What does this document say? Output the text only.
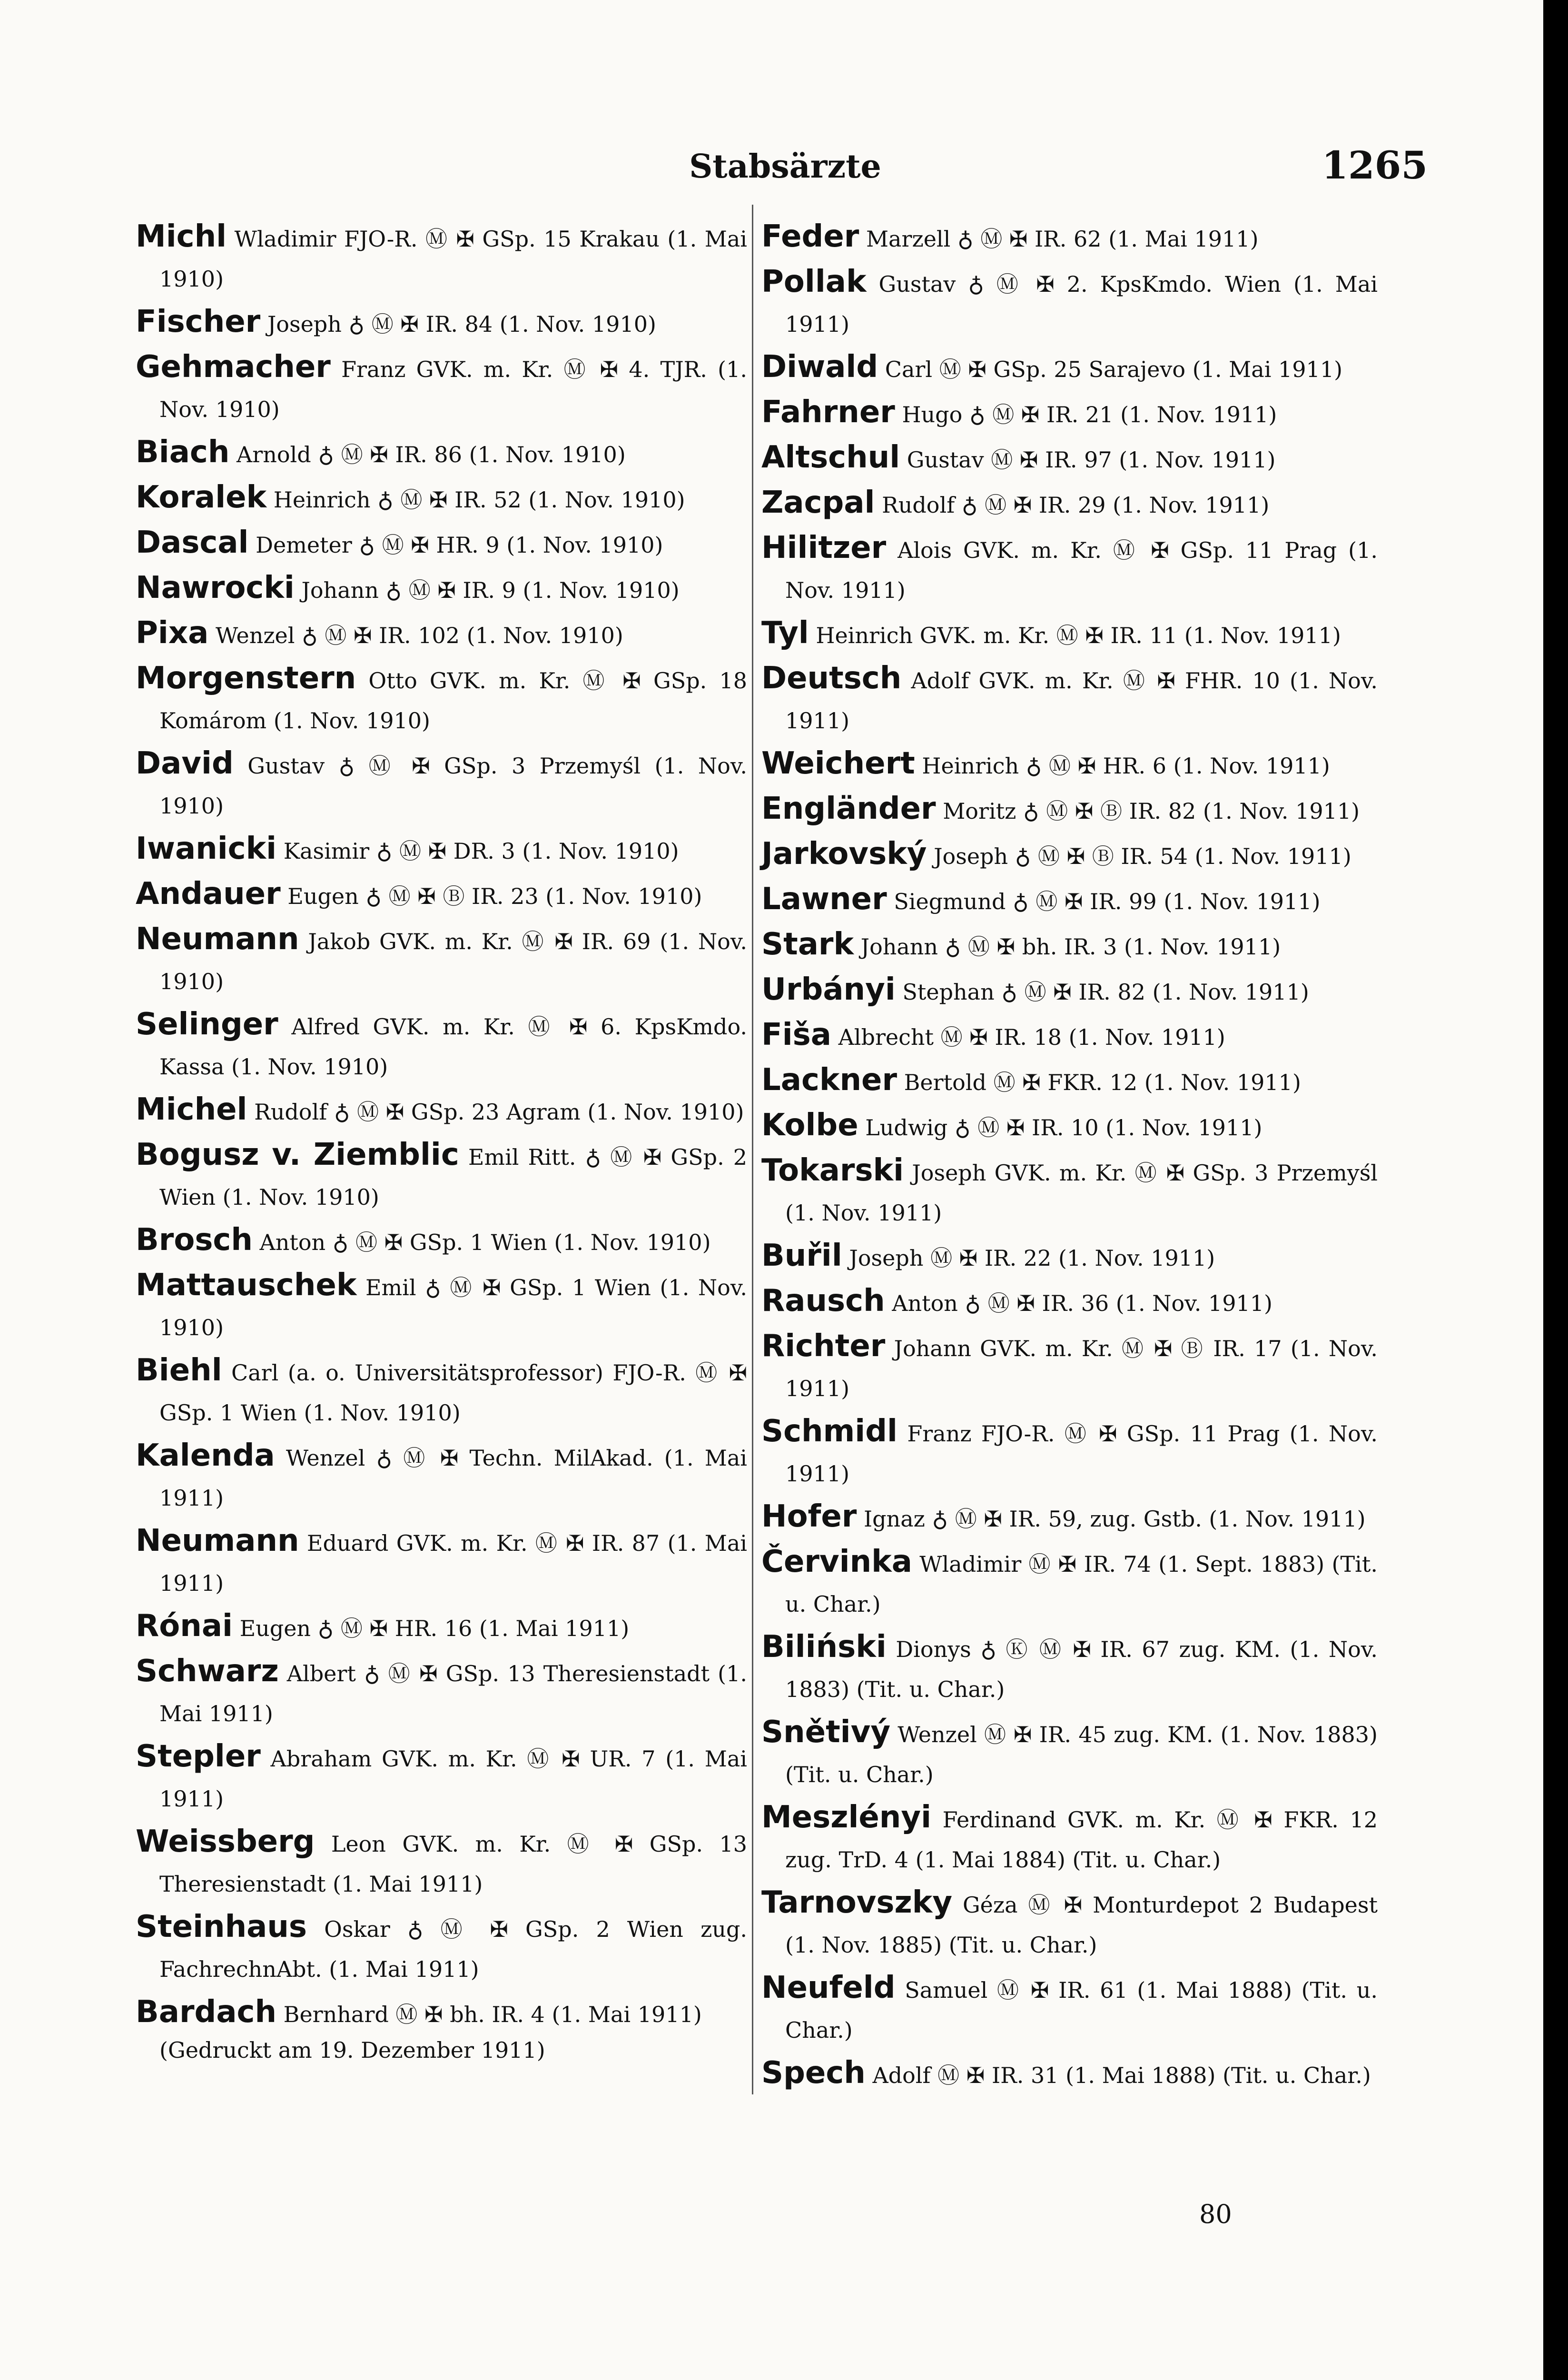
Stabsärzte	1265

Michl Wladimir FJO-R. Ⓜ ✠ GSp. 15 Krakau (1. Mai 1910)

Fischer Joseph ♁ Ⓜ ✠ IR. 84 (1. Nov. 1910)

Gehmacher Franz GVK. m. Kr. Ⓜ ✠ 4. TJR. (1. Nov. 1910)

Biach Arnold ♁ Ⓜ ✠ IR. 86 (1. Nov. 1910)

Koralek Heinrich ♁ Ⓜ ✠ IR. 52 (1. Nov. 1910)

Dascal Demeter ♁ Ⓜ ✠ HR. 9 (1. Nov. 1910)

Nawrocki Johann ♁ Ⓜ ✠ IR. 9 (1. Nov. 1910)

Pixa Wenzel ♁ Ⓜ ✠ IR. 102 (1. Nov. 1910)

Morgenstern Otto GVK. m. Kr. Ⓜ ✠ GSp. 18 Komárom (1. Nov. 1910)

David Gustav ♁ Ⓜ ✠ GSp. 3 Przemyśl (1. Nov. 1910)

Iwanicki Kasimir ♁ Ⓜ ✠ DR. 3 (1. Nov. 1910)

Andauer Eugen ♁ Ⓜ ✠ Ⓑ IR. 23 (1. Nov. 1910)

Neumann Jakob GVK. m. Kr. Ⓜ ✠ IR. 69 (1. Nov. 1910)

Selinger Alfred GVK. m. Kr. Ⓜ ✠ 6. KpsKmdo. Kassa (1. Nov. 1910)

Michel Rudolf ♁ Ⓜ ✠ GSp. 23 Agram (1. Nov. 1910)

Bogusz v. Ziemblic Emil Ritt. ♁ Ⓜ ✠ GSp. 2 Wien (1. Nov. 1910)

Brosch Anton ♁ Ⓜ ✠ GSp. 1 Wien (1. Nov. 1910)

Mattauschek Emil ♁ Ⓜ ✠ GSp. 1 Wien (1. Nov. 1910)

Biehl Carl (a. o. Universitätsprofessor) FJO-R. Ⓜ ✠ GSp. 1 Wien (1. Nov. 1910)

Kalenda Wenzel ♁ Ⓜ ✠ Techn. MilAkad. (1. Mai 1911)

Neumann Eduard GVK. m. Kr. Ⓜ ✠ IR. 87 (1. Mai 1911)

Rónai Eugen ♁ Ⓜ ✠ HR. 16 (1. Mai 1911)

Schwarz Albert ♁ Ⓜ ✠ GSp. 13 Theresienstadt (1. Mai 1911)

Stepler Abraham GVK. m. Kr. Ⓜ ✠ UR. 7 (1. Mai 1911)

Weissberg Leon GVK. m. Kr. Ⓜ ✠ GSp. 13 Theresienstadt (1. Mai 1911)

Steinhaus Oskar ♁ Ⓜ ✠ GSp. 2 Wien zug. FachrechnAbt. (1. Mai 1911)

Bardach Bernhard Ⓜ ✠ bh. IR. 4 (1. Mai 1911)

(Gedruckt am 19. Dezember 1911)

Feder Marzell ♁ Ⓜ ✠ IR. 62 (1. Mai 1911)

Pollak Gustav ♁ Ⓜ ✠ 2. KpsKmdo. Wien (1. Mai 1911)

Diwald Carl Ⓜ ✠ GSp. 25 Sarajevo (1. Mai 1911)

Fahrner Hugo ♁ Ⓜ ✠ IR. 21 (1. Nov. 1911)

Altschul Gustav Ⓜ ✠ IR. 97 (1. Nov. 1911)

Zacpal Rudolf ♁ Ⓜ ✠ IR. 29 (1. Nov. 1911)

Hilitzer Alois GVK. m. Kr. Ⓜ ✠ GSp. 11 Prag (1. Nov. 1911)

Tyl Heinrich GVK. m. Kr. Ⓜ ✠ IR. 11 (1. Nov. 1911)

Deutsch Adolf GVK. m. Kr. Ⓜ ✠ FHR. 10 (1. Nov. 1911)

Weichert Heinrich ♁ Ⓜ ✠ HR. 6 (1. Nov. 1911)

Engländer Moritz ♁ Ⓜ ✠ Ⓑ IR. 82 (1. Nov. 1911)

Jarkovský Joseph ♁ Ⓜ ✠ Ⓑ IR. 54 (1. Nov. 1911)

Lawner Siegmund ♁ Ⓜ ✠ IR. 99 (1. Nov. 1911)

Stark Johann ♁ Ⓜ ✠ bh. IR. 3 (1. Nov. 1911)

Urbányi Stephan ♁ Ⓜ ✠ IR. 82 (1. Nov. 1911)

Fiša Albrecht Ⓜ ✠ IR. 18 (1. Nov. 1911)

Lackner Bertold Ⓜ ✠ FKR. 12 (1. Nov. 1911)

Kolbe Ludwig ♁ Ⓜ ✠ IR. 10 (1. Nov. 1911)

Tokarski Joseph GVK. m. Kr. Ⓜ ✠ GSp. 3 Przemyśl (1. Nov. 1911)

Buřil Joseph Ⓜ ✠ IR. 22 (1. Nov. 1911)

Rausch Anton ♁ Ⓜ ✠ IR. 36 (1. Nov. 1911)

Richter Johann GVK. m. Kr. Ⓜ ✠ Ⓑ IR. 17 (1. Nov. 1911)

Schmidl Franz FJO-R. Ⓜ ✠ GSp. 11 Prag (1. Nov. 1911)

Hofer Ignaz ♁ Ⓜ ✠ IR. 59, zug. Gstb. (1. Nov. 1911)

Červinka Wladimir Ⓜ ✠ IR. 74 (1. Sept. 1883) (Tit. u. Char.)

Biliński Dionys ♁ Ⓚ Ⓜ ✠ IR. 67 zug. KM. (1. Nov. 1883) (Tit. u. Char.)

Snětivý Wenzel Ⓜ ✠ IR. 45 zug. KM. (1. Nov. 1883) (Tit. u. Char.)

Meszlényi Ferdinand GVK. m. Kr. Ⓜ ✠ FKR. 12 zug. TrD. 4 (1. Mai 1884) (Tit. u. Char.)

Tarnovszky Géza Ⓜ ✠ Monturdepot 2 Budapest (1. Nov. 1885) (Tit. u. Char.)

Neufeld Samuel Ⓜ ✠ IR. 61 (1. Mai 1888) (Tit. u. Char.)

Spech Adolf Ⓜ ✠ IR. 31 (1. Mai 1888) (Tit. u. Char.)

80
